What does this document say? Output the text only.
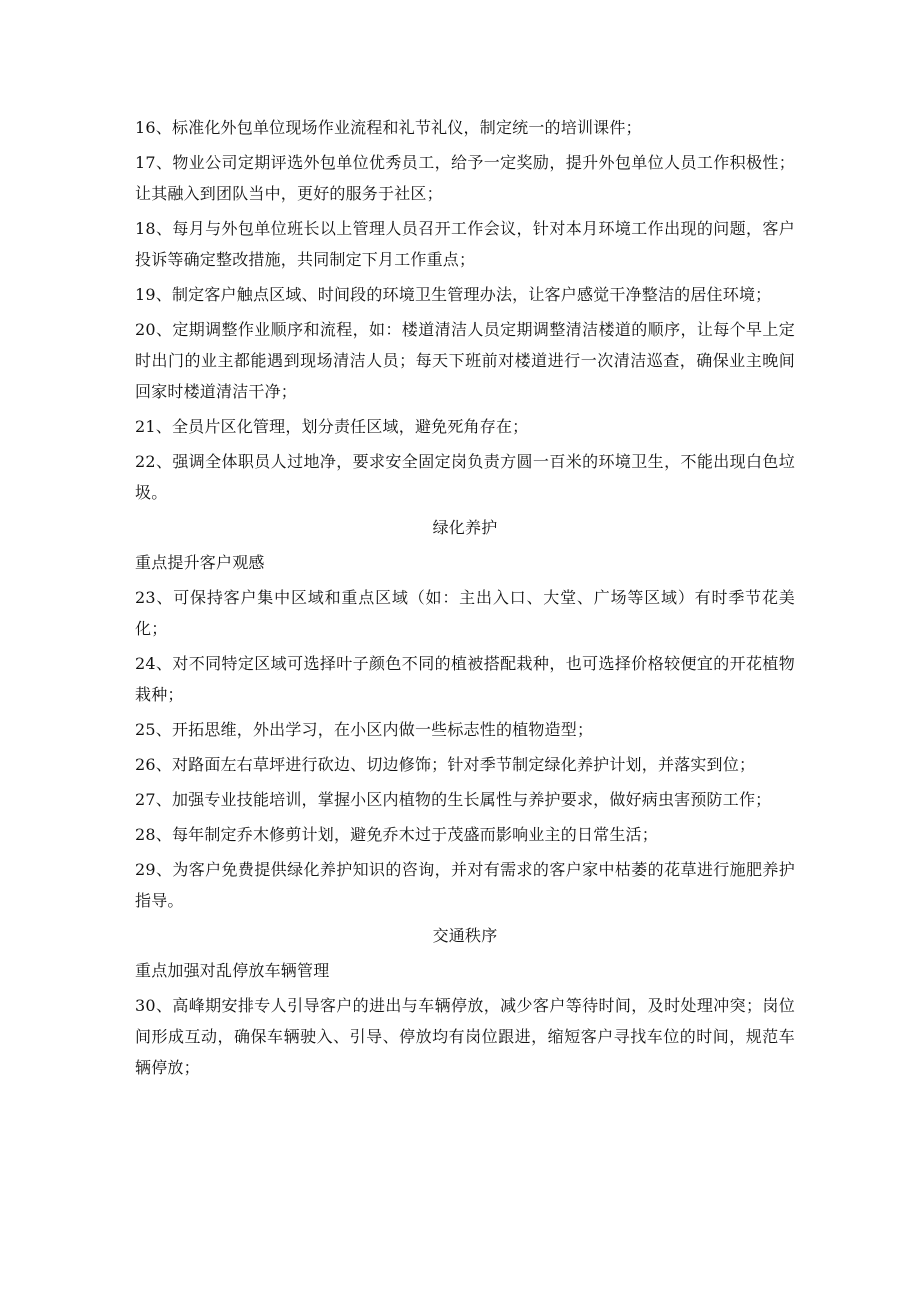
16、标准化外包单位现场作业流程和礼节礼仪，制定统一的培训课件；

17、物业公司定期评选外包单位优秀员工，给予一定奖励，提升外包单位人员工作积极性；让其融入到团队当中，更好的服务于社区；

18、每月与外包单位班长以上管理人员召开工作会议，针对本月环境工作出现的问题，客户投诉等确定整改措施，共同制定下月工作重点；

19、制定客户触点区域、时间段的环境卫生管理办法，让客户感觉干净整洁的居住环境；

20、定期调整作业顺序和流程，如：楼道清洁人员定期调整清洁楼道的顺序，让每个早上定时出门的业主都能遇到现场清洁人员；每天下班前对楼道进行一次清洁巡查，确保业主晚间回家时楼道清洁干净；

21、全员片区化管理，划分责任区域，避免死角存在；

22、强调全体职员人过地净，要求安全固定岗负责方圆一百米的环境卫生，不能出现白色垃圾。

绿化养护

重点提升客户观感

23、可保持客户集中区域和重点区域（如：主出入口、大堂、广场等区域）有时季节花美化；

24、对不同特定区域可选择叶子颜色不同的植被搭配栽种，也可选择价格较便宜的开花植物栽种；

25、开拓思维，外出学习，在小区内做一些标志性的植物造型；

26、对路面左右草坪进行砍边、切边修饰；针对季节制定绿化养护计划，并落实到位；

27、加强专业技能培训，掌握小区内植物的生长属性与养护要求，做好病虫害预防工作；

28、每年制定乔木修剪计划，避免乔木过于茂盛而影响业主的日常生活；

29、为客户免费提供绿化养护知识的咨询，并对有需求的客户家中枯萎的花草进行施肥养护指导。

交通秩序

重点加强对乱停放车辆管理

30、高峰期安排专人引导客户的进出与车辆停放，减少客户等待时间，及时处理冲突；岗位间形成互动，确保车辆驶入、引导、停放均有岗位跟进，缩短客户寻找车位的时间，规范车辆停放；
